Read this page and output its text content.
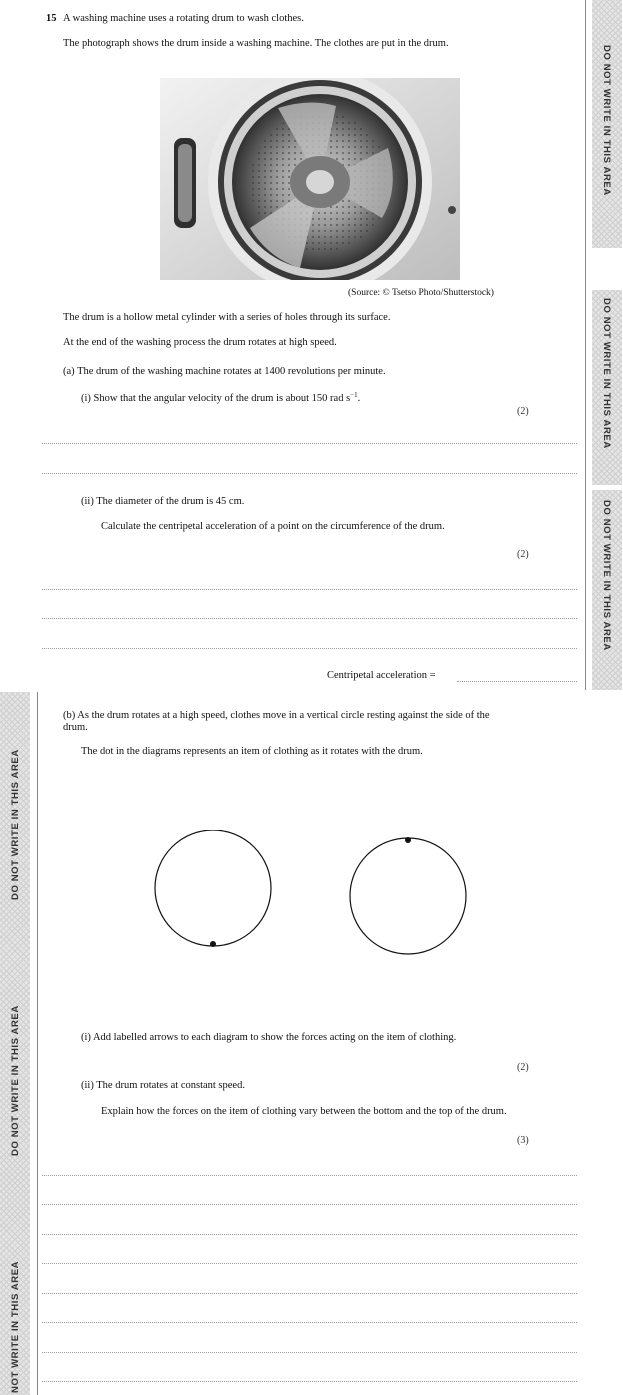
DO NOT WRITE IN THIS AREA
DO NOT WRITE IN THIS AREA
DO NOT WRITE IN THIS AREA
DO NOT WRITE IN THIS AREA
DO NOT WRITE IN THIS AREA
NOT WRITE IN THIS AREA
15 A washing machine uses a rotating drum to wash clothes.
The photograph shows the drum inside a washing machine. The clothes are put in the drum.
(Source: © Tsetso Photo/Shutterstock)
The drum is a hollow metal cylinder with a series of holes through its surface.
At the end of the washing process the drum rotates at high speed.
(a) The drum of the washing machine rotates at 1400 revolutions per minute.
(i) Show that the angular velocity of the drum is about 150 rad $s^{-1}$.
(2)
(ii) The diameter of the drum is 45 cm.
Calculate the centripetal acceleration of a point on the circumference of the drum.
(2)
Centripetal acceleration =
(b) As the drum rotates at a high speed, clothes move in a vertical circle resting against the side of the drum.
The dot in the diagrams represents an item of clothing as it rotates with the drum.
(i) Add labelled arrows to each diagram to show the forces acting on the item of clothing.
(2)
(ii) The drum rotates at constant speed.
Explain how the forces on the item of clothing vary between the bottom and the top of the drum.
(3)
